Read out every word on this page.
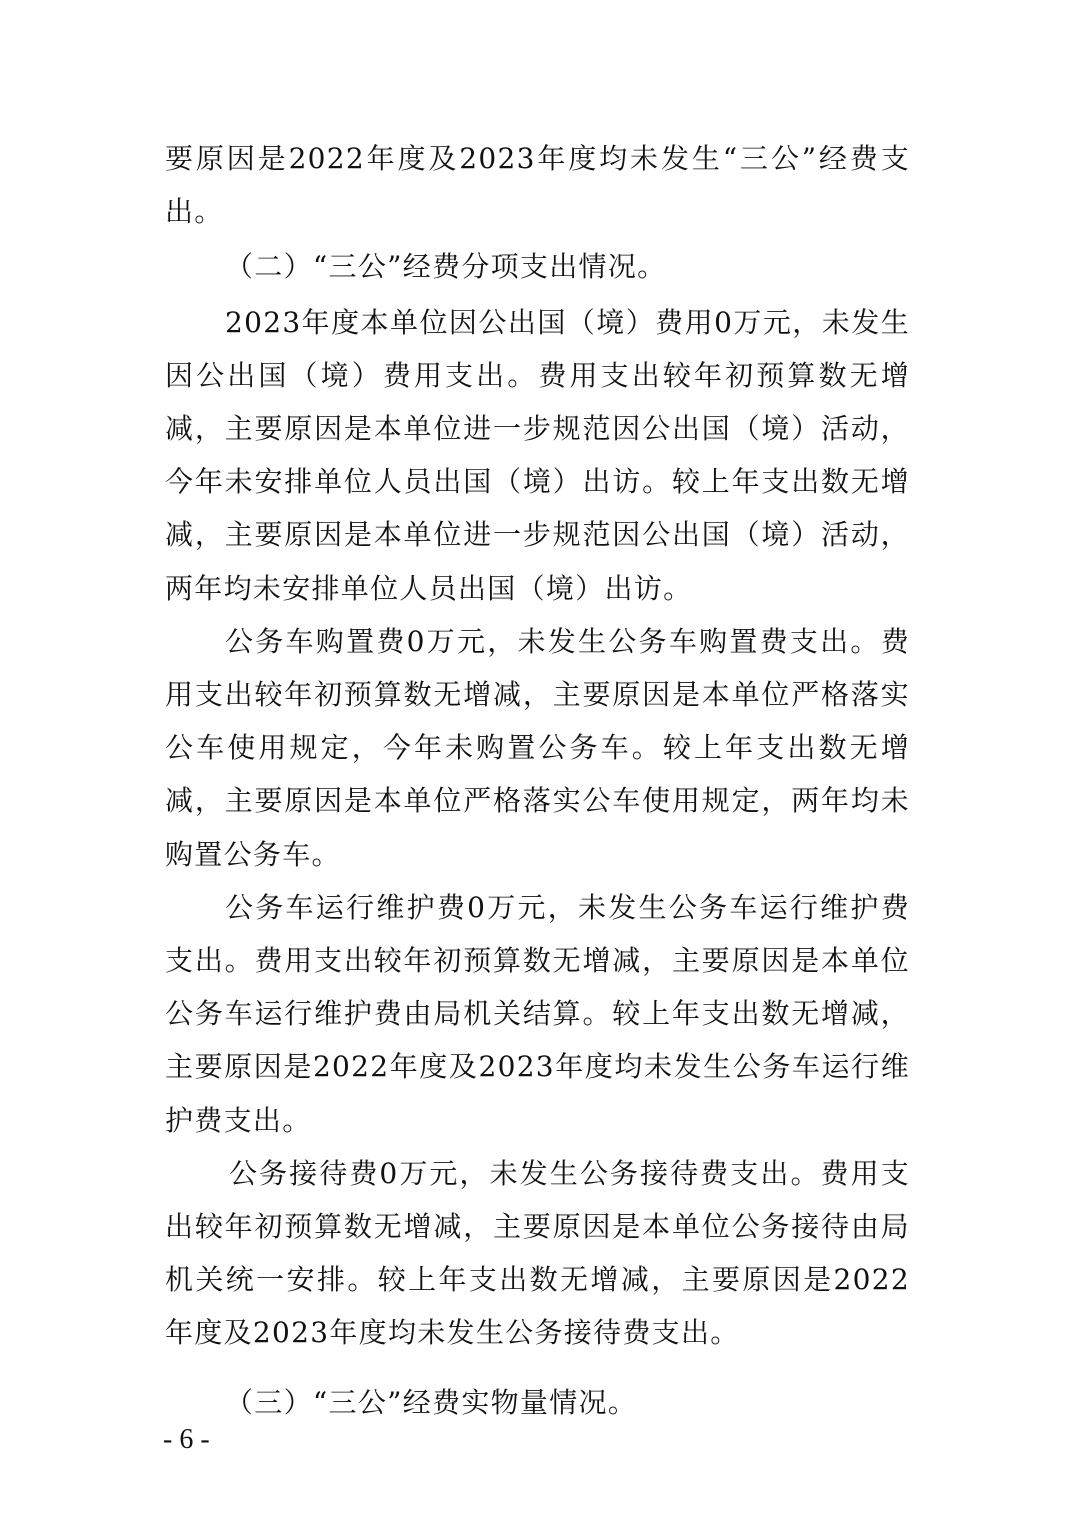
要原因是2022年度及2023年度均未发生“三公”经费支出。

（二）“三公”经费分项支出情况。

2023年度本单位因公出国（境）费用0万元，未发生因公出国（境）费用支出。费用支出较年初预算数无增减，主要原因是本单位进一步规范因公出国（境）活动，今年未安排单位人员出国（境）出访。较上年支出数无增减，主要原因是本单位进一步规范因公出国（境）活动，两年均未安排单位人员出国（境）出访。

公务车购置费0万元，未发生公务车购置费支出。费用支出较年初预算数无增减，主要原因是本单位严格落实公车使用规定，今年未购置公务车。较上年支出数无增减，主要原因是本单位严格落实公车使用规定，两年均未购置公务车。

公务车运行维护费0万元，未发生公务车运行维护费支出。费用支出较年初预算数无增减，主要原因是本单位公务车运行维护费由局机关结算。较上年支出数无增减，主要原因是2022年度及2023年度均未发生公务车运行维护费支出。

公务接待费0万元，未发生公务接待费支出。费用支出较年初预算数无增减，主要原因是本单位公务接待由局机关统一安排。较上年支出数无增减，主要原因是2022年度及2023年度均未发生公务接待费支出。

（三）“三公”经费实物量情况。

- 6 -
